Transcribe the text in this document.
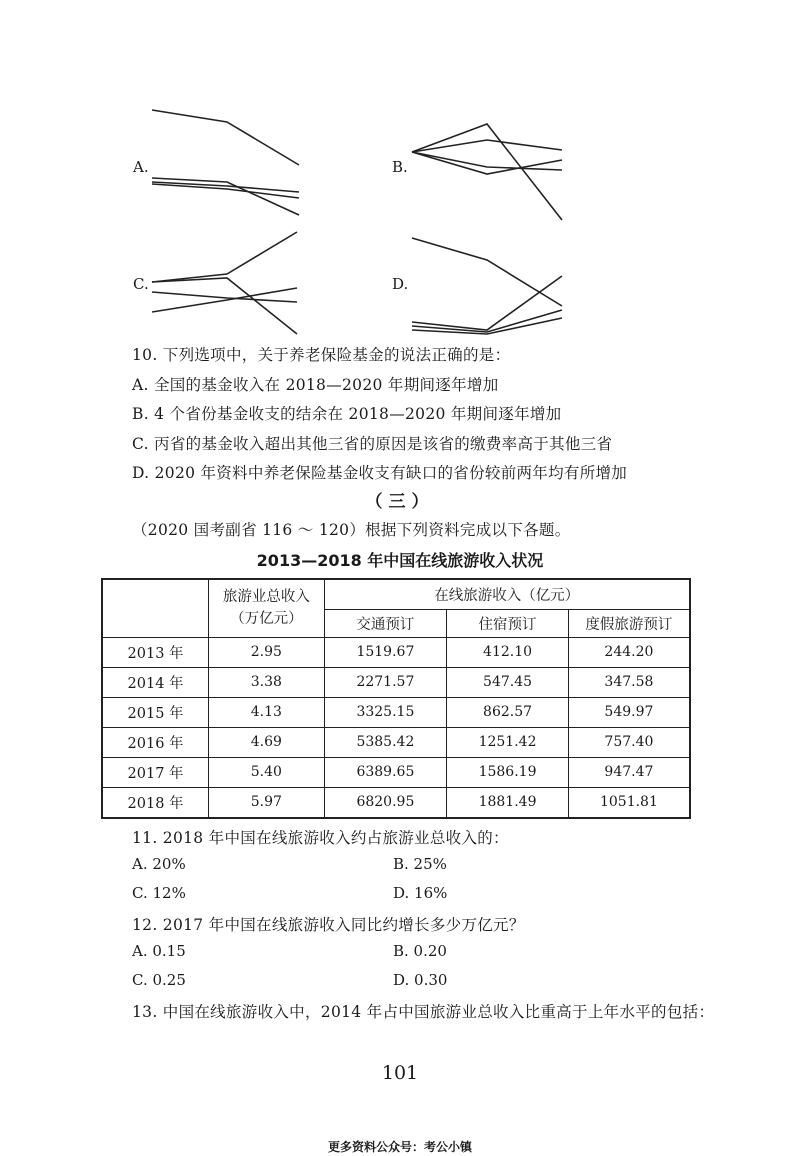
A.	B.
C.	D.
10. 下列选项中，关于养老保险基金的说法正确的是：
A. 全国的基金收入在 2018—2020 年期间逐年增加
B. 4 个省份基金收支的结余在 2018—2020 年期间逐年增加
C. 丙省的基金收入超出其他三省的原因是该省的缴费率高于其他三省
D. 2020 年资料中养老保险基金收支有缺口的省份较前两年均有所增加
（三）
（2020 国考副省 116 ～ 120）根据下列资料完成以下各题。
2013—2018 年中国在线旅游收入状况

	旅游业总收入
（万亿元）	在线旅游收入（亿元）		
		交通预订	住宿预订	度假旅游预订
2013 年	2.95	1519.67	412.10	244.20
2014 年	3.38	2271.57	547.45	347.58
2015 年	4.13	3325.15	862.57	549.97
2016 年	4.69	5385.42	1251.42	757.40
2017 年	5.40	6389.65	1586.19	947.47
2018 年	5.97	6820.95	1881.49	1051.81
11. 2018 年中国在线旅游收入约占旅游业总收入的：
A. 20%	B. 25%
C. 12%	D. 16%
12. 2017 年中国在线旅游收入同比约增长多少万亿元？
A. 0.15	B. 0.20
C. 0.25	D. 0.30
13. 中国在线旅游收入中，2014 年占中国旅游业总收入比重高于上年水平的包括：
101
更多资料公众号：考公小镇
